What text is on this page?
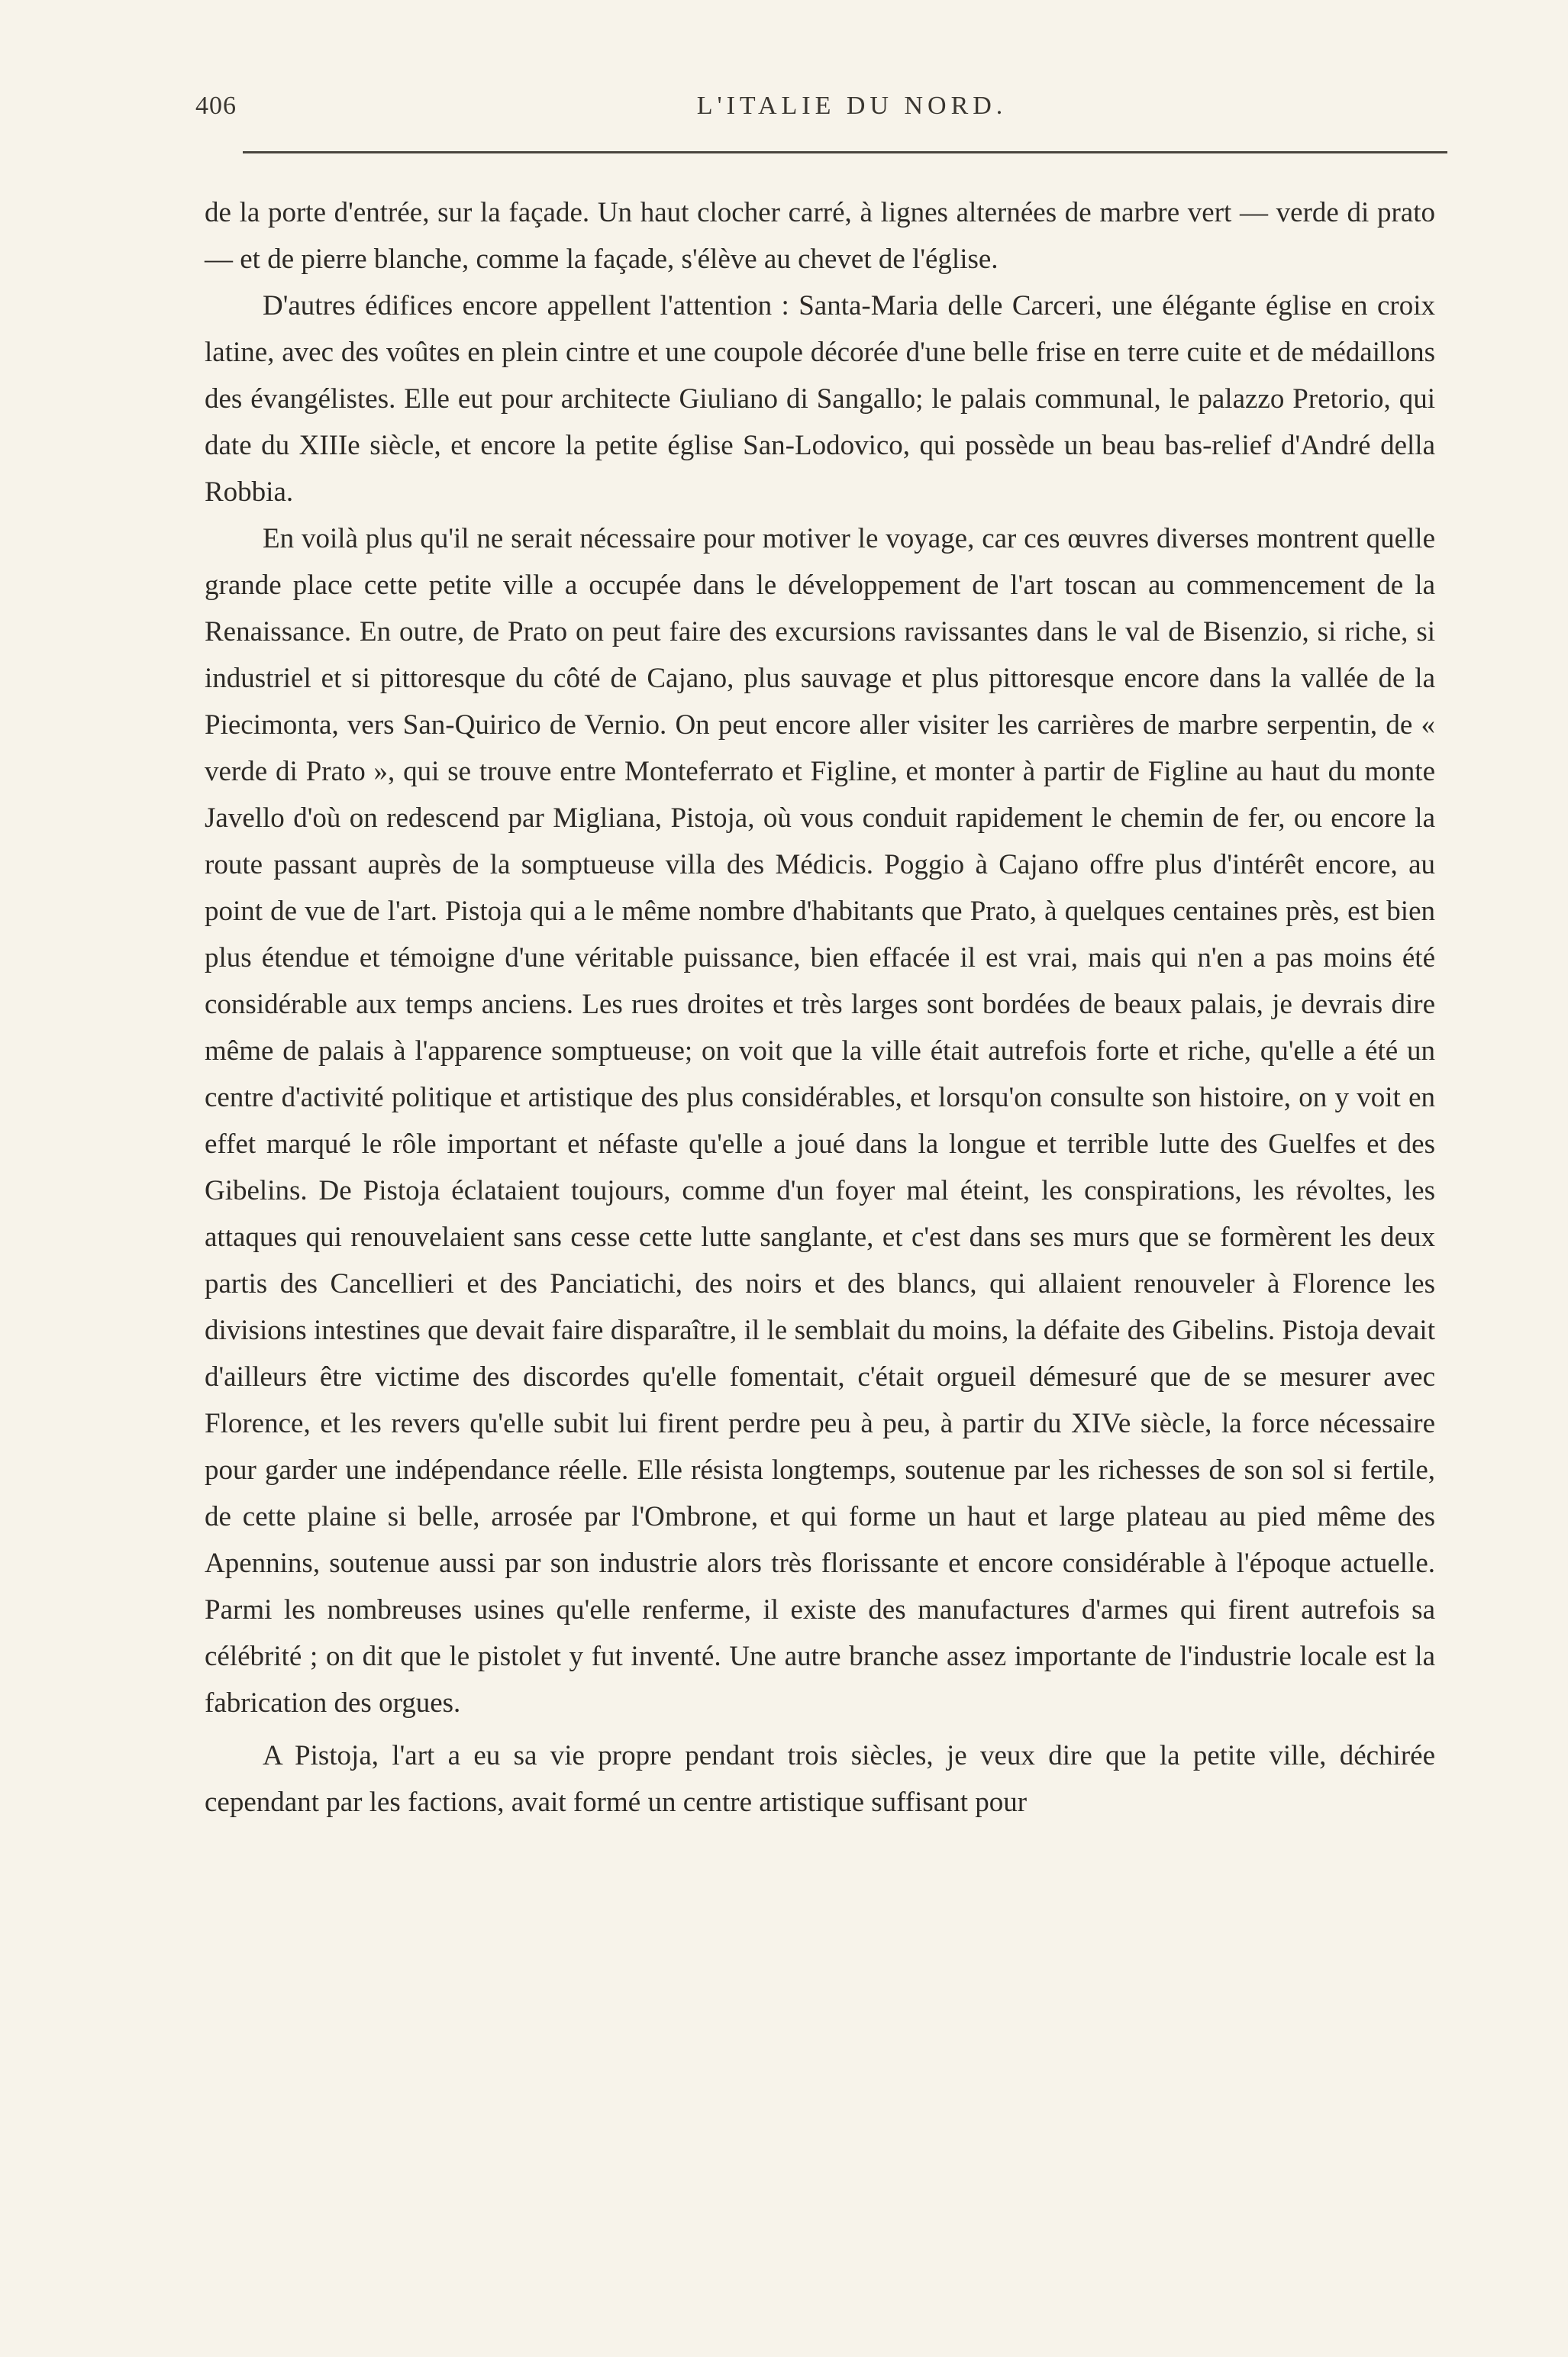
406	L'ITALIE DU NORD.

de la porte d'entrée, sur la façade. Un haut clocher carré, à lignes alternées de marbre vert — verde di prato — et de pierre blanche, comme la façade, s'élève au chevet de l'église.

D'autres édifices encore appellent l'attention : Santa-Maria delle Carceri, une élégante église en croix latine, avec des voûtes en plein cintre et une coupole décorée d'une belle frise en terre cuite et de médaillons des évangélistes. Elle eut pour architecte Giuliano di Sangallo; le palais communal, le palazzo Pretorio, qui date du XIIIe siècle, et encore la petite église San-Lodovico, qui possède un beau bas-relief d'André della Robbia.

En voilà plus qu'il ne serait nécessaire pour motiver le voyage, car ces œuvres diverses montrent quelle grande place cette petite ville a occupée dans le développement de l'art toscan au commencement de la Renaissance. En outre, de Prato on peut faire des excursions ravissantes dans le val de Bisenzio, si riche, si industriel et si pittoresque du côté de Cajano, plus sauvage et plus pittoresque encore dans la vallée de la Piecimonta, vers San-Quirico de Vernio. On peut encore aller visiter les carrières de marbre serpentin, de « verde di Prato », qui se trouve entre Monteferrato et Figline, et monter à partir de Figline au haut du monte Javello d'où on redescend par Migliana, Pistoja, où vous conduit rapidement le chemin de fer, ou encore la route passant auprès de la somptueuse villa des Médicis. Poggio à Cajano offre plus d'intérêt encore, au point de vue de l'art. Pistoja qui a le même nombre d'habitants que Prato, à quelques centaines près, est bien plus étendue et témoigne d'une véritable puissance, bien effacée il est vrai, mais qui n'en a pas moins été considérable aux temps anciens. Les rues droites et très larges sont bordées de beaux palais, je devrais dire même de palais à l'apparence somptueuse; on voit que la ville était autrefois forte et riche, qu'elle a été un centre d'activité politique et artistique des plus considérables, et lorsqu'on consulte son histoire, on y voit en effet marqué le rôle important et néfaste qu'elle a joué dans la longue et terrible lutte des Guelfes et des Gibelins. De Pistoja éclataient toujours, comme d'un foyer mal éteint, les conspirations, les révoltes, les attaques qui renouvelaient sans cesse cette lutte sanglante, et c'est dans ses murs que se formèrent les deux partis des Cancellieri et des Panciatichi, des noirs et des blancs, qui allaient renouveler à Florence les divisions intestines que devait faire disparaître, il le semblait du moins, la défaite des Gibelins. Pistoja devait d'ailleurs être victime des discordes qu'elle fomentait, c'était orgueil démesuré que de se mesurer avec Florence, et les revers qu'elle subit lui firent perdre peu à peu, à partir du XIVe siècle, la force nécessaire pour garder une indépendance réelle. Elle résista longtemps, soutenue par les richesses de son sol si fertile, de cette plaine si belle, arrosée par l'Ombrone, et qui forme un haut et large plateau au pied même des Apennins, soutenue aussi par son industrie alors très florissante et encore considérable à l'époque actuelle. Parmi les nombreuses usines qu'elle renferme, il existe des manufactures d'armes qui firent autrefois sa célébrité ; on dit que le pistolet y fut inventé. Une autre branche assez importante de l'industrie locale est la fabrication des orgues.

A Pistoja, l'art a eu sa vie propre pendant trois siècles, je veux dire que la petite ville, déchirée cependant par les factions, avait formé un centre artistique suffisant pour
